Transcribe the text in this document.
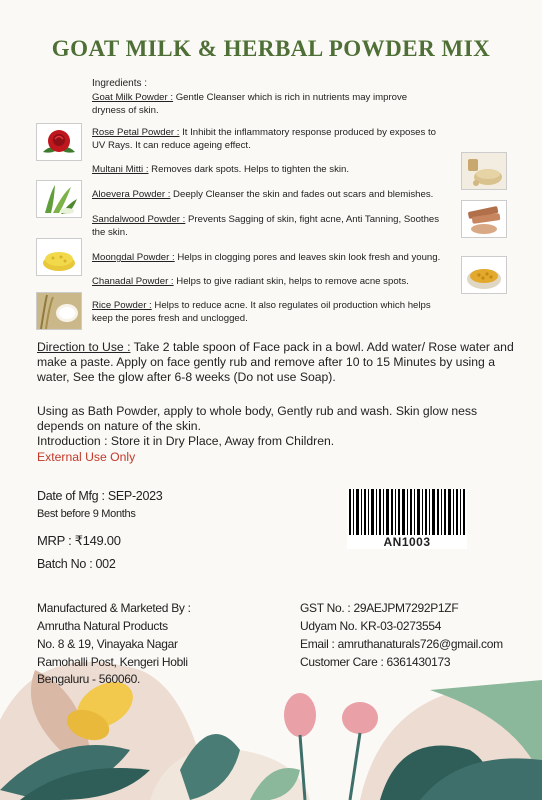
GOAT MILK & HERBAL POWDER MIX
Ingredients :
Goat Milk Powder : Gentle Cleanser which is rich in nutrients may improve dryness of skin.
Rose Petal Powder : It Inhibit the inflammatory response produced by exposes to UV Rays. It can reduce ageing effect.
Multani Mitti : Removes dark spots. Helps to tighten the skin.
Aloevera Powder : Deeply Cleanser the skin and fades out scars and blemishes.
Sandalwood Powder : Prevents Sagging of skin, fight acne, Anti Tanning, Soothes the skin.
Moongdal Powder : Helps in clogging pores and leaves skin look fresh and young.
Chanadal Powder : Helps to give radiant skin, helps to remove acne spots.
Rice Powder : Helps to reduce acne. It also regulates oil production which helps keep the pores fresh and unclogged.
Direction to Use : Take 2 table spoon of Face pack in a bowl. Add water/ Rose water and make a paste. Apply on face gently rub and remove after 10 to 15 Minutes by using a water, See the glow after 6-8 weeks (Do not use Soap).
Using as Bath Powder, apply to whole body, Gently rub and wash. Skin glow ness depends on nature of the skin.
Introduction : Store it in Dry Place, Away from Children.
External Use Only
Date of Mfg : SEP-2023
Best before 9 Months
MRP : ₹149.00
Batch No : 002
AN1003
Manufactured & Marketed By :
Amrutha Natural Products
No. 8 & 19, Vinayaka Nagar
Ramohalli Post, Kengeri Hobli
Bengaluru - 560060.
GST No. : 29AEJPM7292P1ZF
Udyam No. KR-03-0273554
Email : amruthanaturals726@gmail.com
Customer Care : 6361430173
